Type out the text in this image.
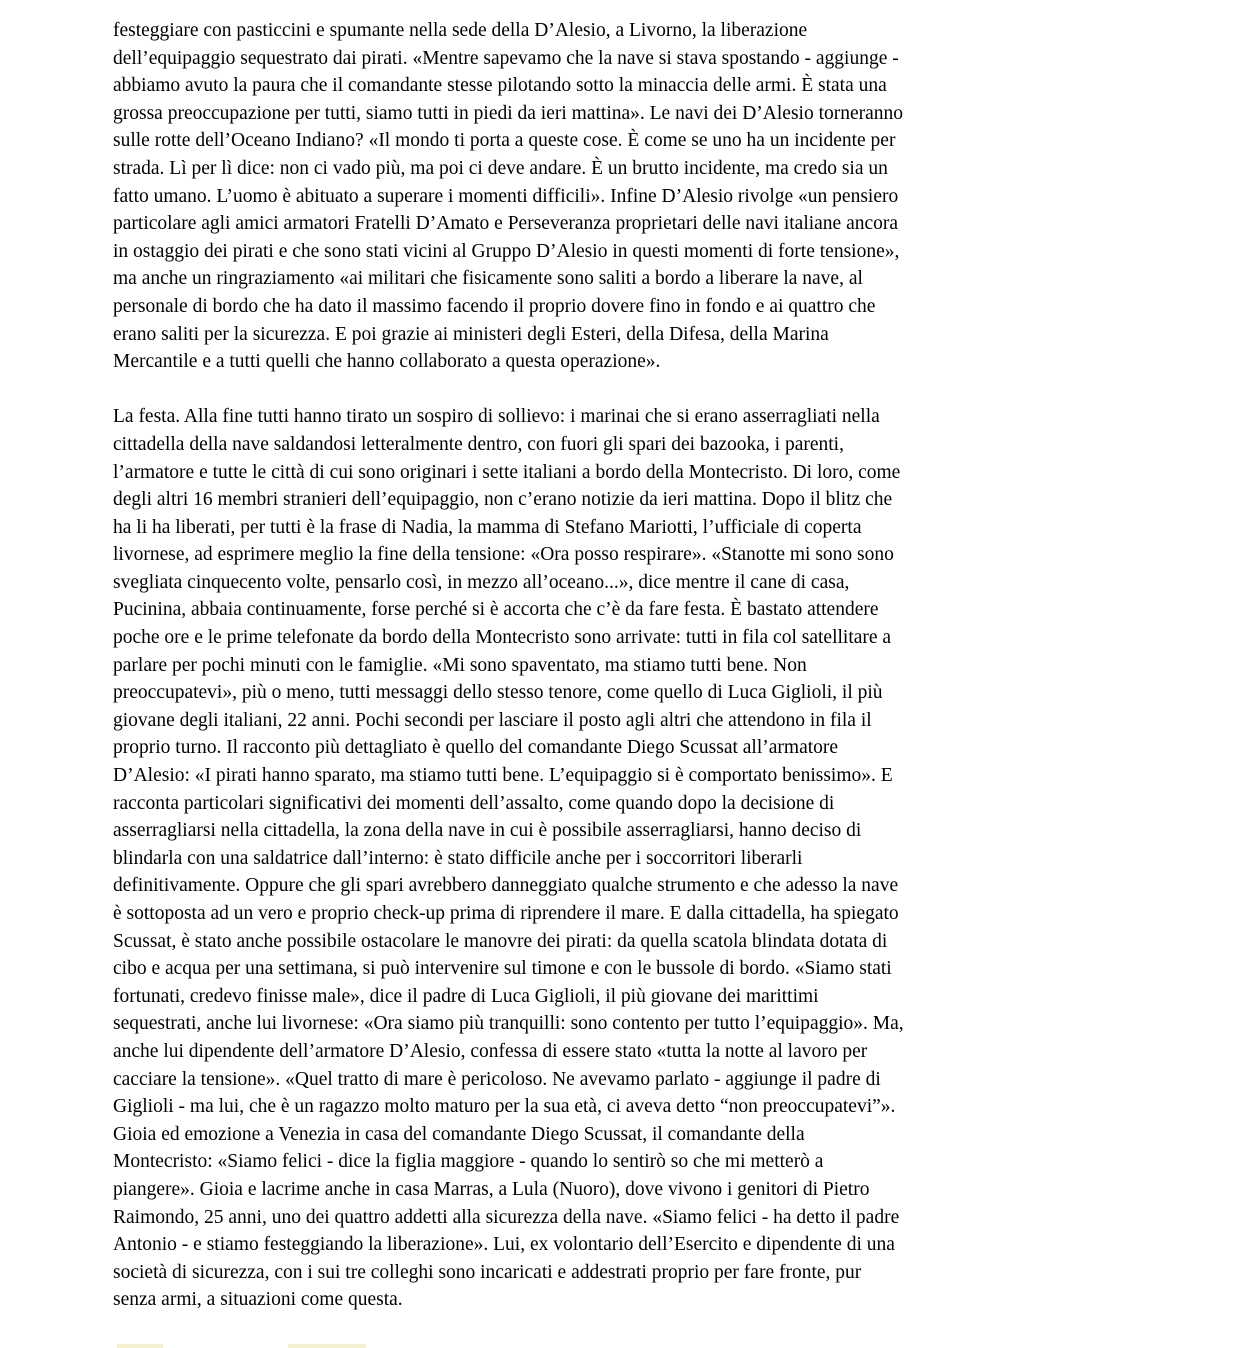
festeggiare con pasticcini e spumante nella sede della D’Alesio, a Livorno, la liberazione
dell’equipaggio sequestrato dai pirati. «Mentre sapevamo che la nave si stava spostando - aggiunge -
abbiamo avuto la paura che il comandante stesse pilotando sotto la minaccia delle armi. È stata una
grossa preoccupazione per tutti, siamo tutti in piedi da ieri mattina». Le navi dei D’Alesio torneranno
sulle rotte dell’Oceano Indiano? «Il mondo ti porta a queste cose. È come se uno ha un incidente per
strada. Lì per lì dice: non ci vado più, ma poi ci deve andare. È un brutto incidente, ma credo sia un
fatto umano. L’uomo è abituato a superare i momenti difficili». Infine D’Alesio rivolge «un pensiero
particolare agli amici armatori Fratelli D’Amato e Perseveranza proprietari delle navi italiane ancora
in ostaggio dei pirati e che sono stati vicini al Gruppo D’Alesio in questi momenti di forte tensione»,
ma anche un ringraziamento «ai militari che fisicamente sono saliti a bordo a liberare la nave, al
personale di bordo che ha dato il massimo facendo il proprio dovere fino in fondo e ai quattro che
erano saliti per la sicurezza. E poi grazie ai ministeri degli Esteri, della Difesa, della Marina
Mercantile e a tutti quelli che hanno collaborato a questa operazione».
La festa. Alla fine tutti hanno tirato un sospiro di sollievo: i marinai che si erano asserragliati nella
cittadella della nave saldandosi letteralmente dentro, con fuori gli spari dei bazooka, i parenti,
l’armatore e tutte le città di cui sono originari i sette italiani a bordo della Montecristo. Di loro, come
degli altri 16 membri stranieri dell’equipaggio, non c’erano notizie da ieri mattina. Dopo il blitz che
ha li ha liberati, per tutti è la frase di Nadia, la mamma di Stefano Mariotti, l’ufficiale di coperta
livornese, ad esprimere meglio la fine della tensione: «Ora posso respirare». «Stanotte mi sono sono
svegliata cinquecento volte, pensarlo così, in mezzo all’oceano...», dice mentre il cane di casa,
Pucinina, abbaia continuamente, forse perché si è accorta che c’è da fare festa. È bastato attendere
poche ore e le prime telefonate da bordo della Montecristo sono arrivate: tutti in fila col satellitare a
parlare per pochi minuti con le famiglie. «Mi sono spaventato, ma stiamo tutti bene. Non
preoccupatevi», più o meno, tutti messaggi dello stesso tenore, come quello di Luca Giglioli, il più
giovane degli italiani, 22 anni. Pochi secondi per lasciare il posto agli altri che attendono in fila il
proprio turno. Il racconto più dettagliato è quello del comandante Diego Scussat all’armatore
D’Alesio: «I pirati hanno sparato, ma stiamo tutti bene. L’equipaggio si è comportato benissimo». E
racconta particolari significativi dei momenti dell’assalto, come quando dopo la decisione di
asserragliarsi nella cittadella, la zona della nave in cui è possibile asserragliarsi, hanno deciso di
blindarla con una saldatrice dall’interno: è stato difficile anche per i soccorritori liberarli
definitivamente. Oppure che gli spari avrebbero danneggiato qualche strumento e che adesso la nave
è sottoposta ad un vero e proprio check-up prima di riprendere il mare. E dalla cittadella, ha spiegato
Scussat, è stato anche possibile ostacolare le manovre dei pirati: da quella scatola blindata dotata di
cibo e acqua per una settimana, si può intervenire sul timone e con le bussole di bordo. «Siamo stati
fortunati, credevo finisse male», dice il padre di Luca Giglioli, il più giovane dei marittimi
sequestrati, anche lui livornese: «Ora siamo più tranquilli: sono contento per tutto l’equipaggio». Ma,
anche lui dipendente dell’armatore D’Alesio, confessa di essere stato «tutta la notte al lavoro per
cacciare la tensione». «Quel tratto di mare è pericoloso. Ne avevamo parlato - aggiunge il padre di
Giglioli - ma lui, che è un ragazzo molto maturo per la sua età, ci aveva detto “non preoccupatevi”».
Gioia ed emozione a Venezia in casa del comandante Diego Scussat, il comandante della
Montecristo: «Siamo felici - dice la figlia maggiore - quando lo sentirò so che mi metterò a
piangere». Gioia e lacrime anche in casa Marras, a Lula (Nuoro), dove vivono i genitori di Pietro
Raimondo, 25 anni, uno dei quattro addetti alla sicurezza della nave. «Siamo felici - ha detto il padre
Antonio - e stiamo festeggiando la liberazione». Lui, ex volontario dell’Esercito e dipendente di una
società di sicurezza, con i sui tre colleghi sono incaricati e addestrati proprio per fare fronte, pur
senza armi, a situazioni come questa.
